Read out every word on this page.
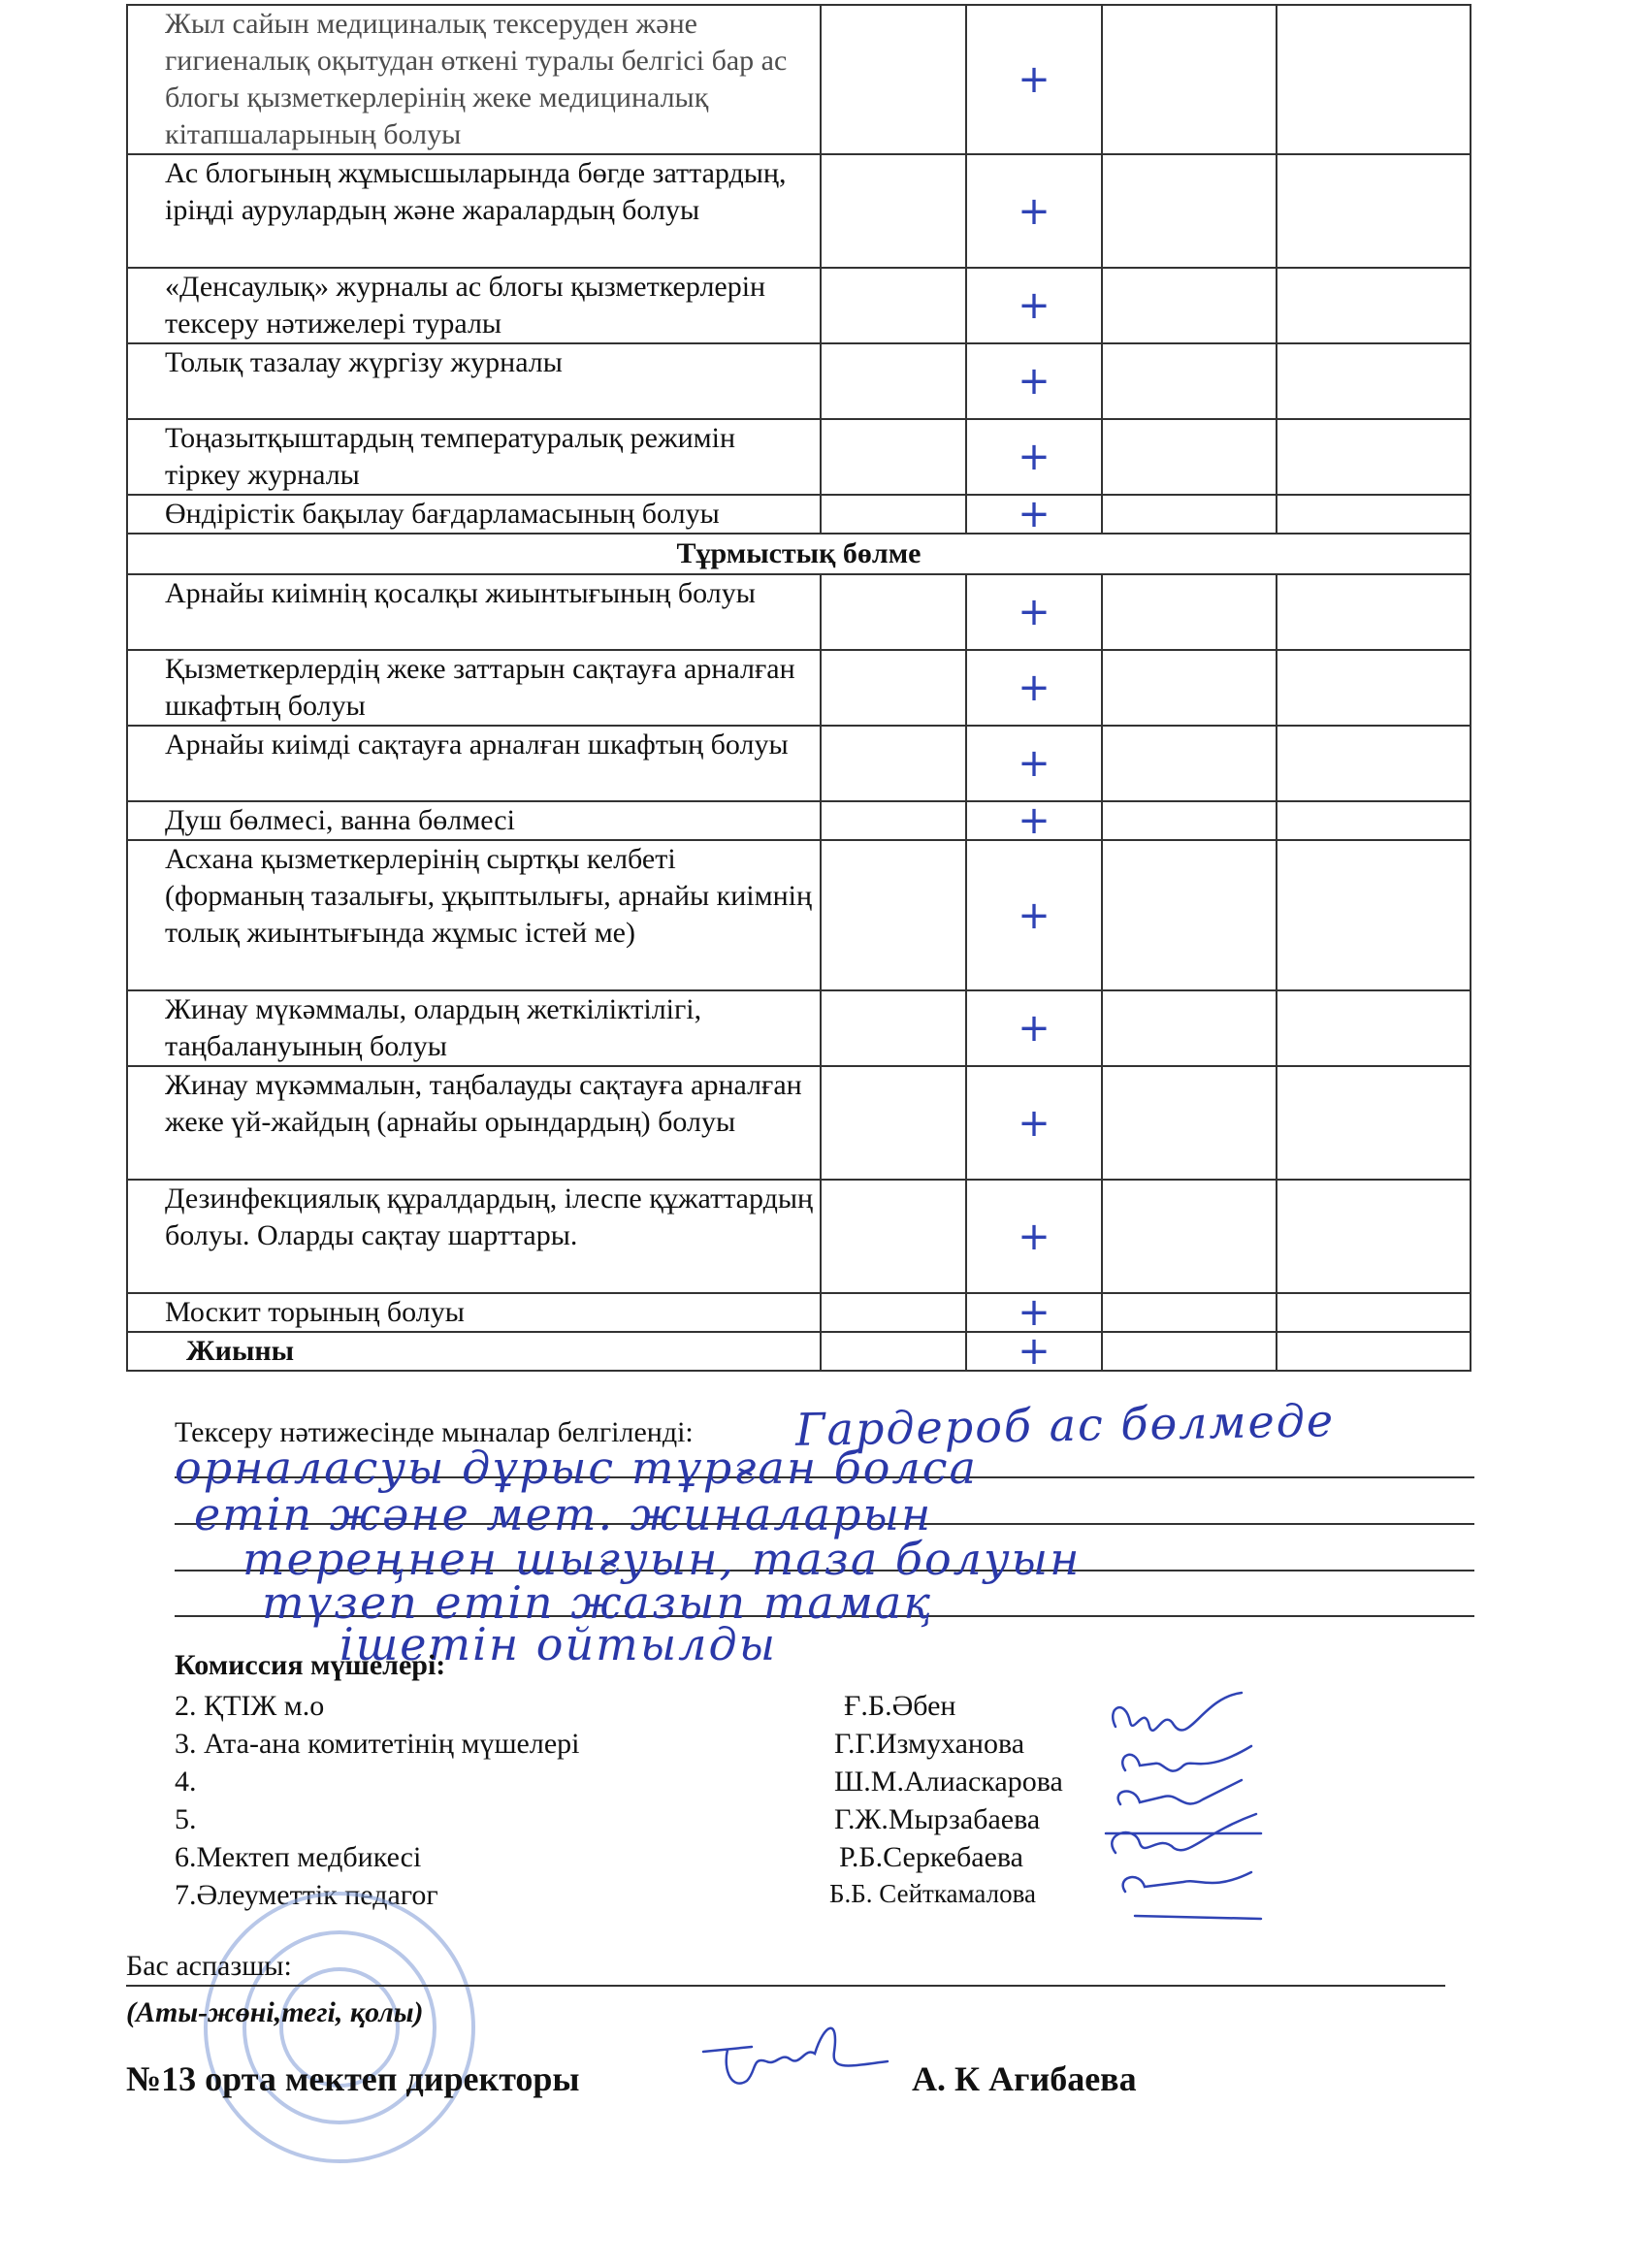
Жыл сайын медициналық тексеруден және гигиеналық оқытудан өткені туралы белгісі бар ас блогы қызметкерлерінің жеке медициналық кітапшаларының болуы		+		
Ас блогының жұмысшыларында бөгде заттардың, іріңді аурулардың және жаралардың болуы		+		
«Денсаулық» журналы ас блогы қызметкерлерін тексеру нәтижелері туралы		+		
Толық тазалау жүргізу журналы		+		
Тоңазытқыштардың температуралық режимін тіркеу журналы		+		
Өндірістік бақылау бағдарламасының болуы		+		
Тұрмыстық бөлме				
Арнайы киімнің қосалқы жиынтығының болуы		+		
Қызметкерлердің жеке заттарын сақтауға арналған шкафтың болуы		+		
Арнайы киімді сақтауға арналған шкафтың болуы		+		
Душ бөлмесі, ванна бөлмесі		+		
Асхана қызметкерлерінің сыртқы келбеті (форманың тазалығы, ұқыптылығы, арнайы киімнің толық жиынтығында жұмыс істей ме)		+		
Жинау мүкәммалы, олардың жеткіліктілігі, таңбалануының болуы		+		
Жинау мүкәммалын, таңбалауды сақтауға арналған жеке үй-жайдың (арнайы орындардың) болуы		+		
Дезинфекциялық құралдардың, ілеспе құжаттардың болуы. Оларды сақтау шарттары.		+		
Москит торының болуы		+		
Жиыны		+		
Тексеру нәтижесінде мыналар белгіленді: Гардероб ас бөлмеде
орналасуы дұрыс тұрған болса
етіп және мет. жиналарын
тереңнен шығуын, таза болуын
түзеп етіп жазып тамақ
ішетін ойтылды
Комиссия мүшелері:
2. ҚТІЖ м.о	Ғ.Б.Әбен
3. Ата-ана комитетінің мүшелері	Г.Г.Измуханова
4.	Ш.М.Алиаскарова
5.	Г.Ж.Мырзабаева
6.Мектеп медбикесі	Р.Б.Серкебаева
7.Әлеуметтік педагог	Б.Б. Сейткамалова
Бас аспазшы:
(Аты-жөні,тегі, қолы)
№13 орта мектеп директоры	А. К Агибаева
